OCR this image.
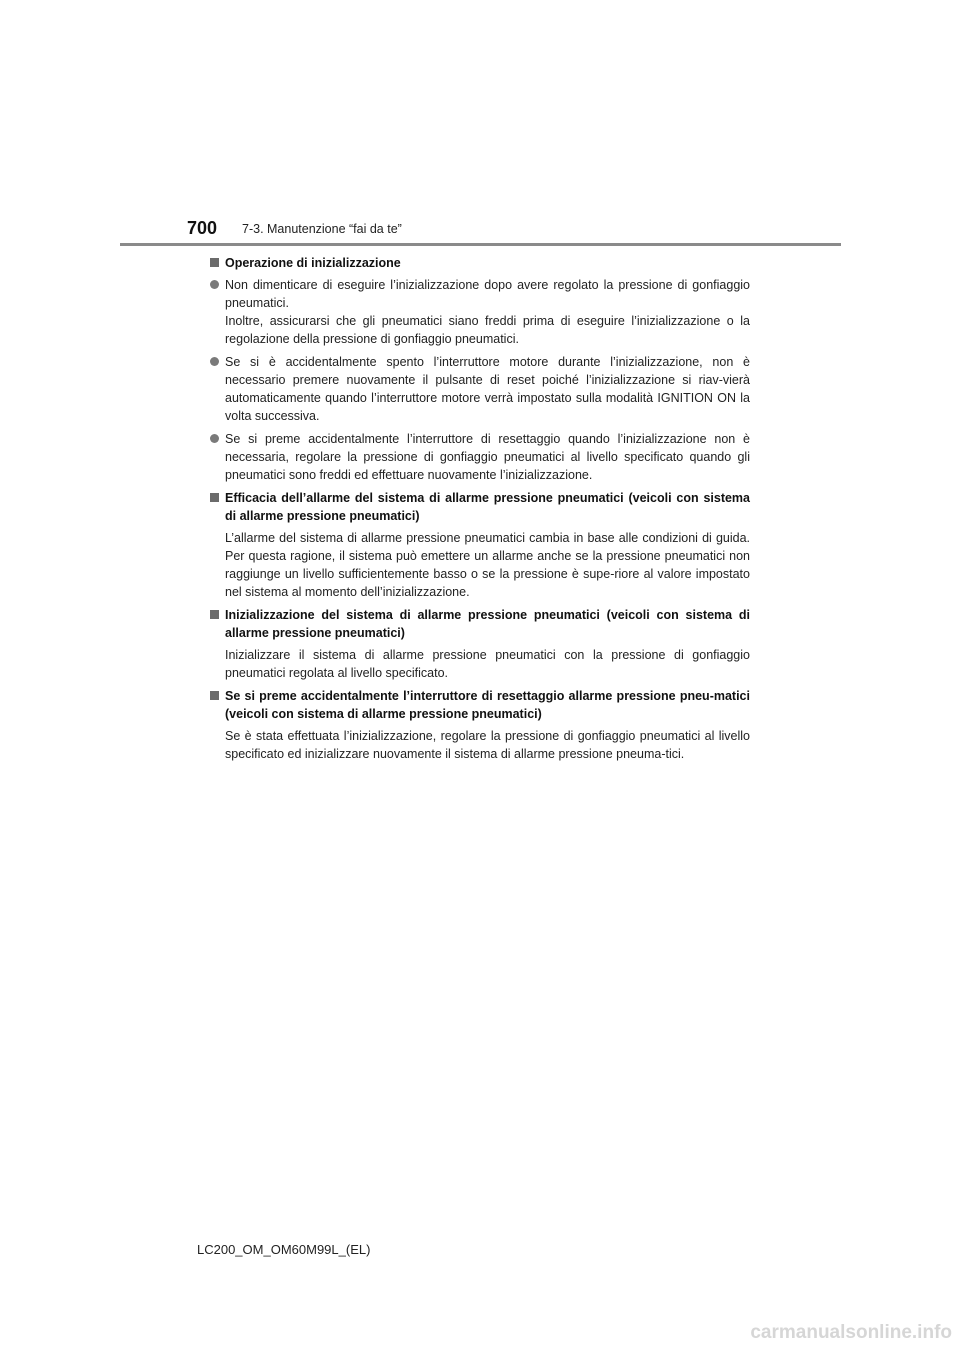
700 7-3. Manutenzione “fai da te”
Operazione di inizializzazione

Non dimenticare di eseguire l’inizializzazione dopo avere regolato la pressione di gonfiaggio pneumatici.

Inoltre, assicurarsi che gli pneumatici siano freddi prima di eseguire l’inizializzazione o la regolazione della pressione di gonfiaggio pneumatici.

Se si è accidentalmente spento l’interruttore motore durante l’inizializzazione, non è necessario premere nuovamente il pulsante di reset poiché l’inizializzazione si riav-vierà automaticamente quando l’interruttore motore verrà impostato sulla modalità IGNITION ON la volta successiva.

Se si preme accidentalmente l’interruttore di resettaggio quando l’inizializzazione non è necessaria, regolare la pressione di gonfiaggio pneumatici al livello specificato quando gli pneumatici sono freddi ed effettuare nuovamente l’inizializzazione.

Efficacia dell’allarme del sistema di allarme pressione pneumatici (veicoli con sistema di allarme pressione pneumatici)

L’allarme del sistema di allarme pressione pneumatici cambia in base alle condizioni di guida. Per questa ragione, il sistema può emettere un allarme anche se la pressione pneumatici non raggiunge un livello sufficientemente basso o se la pressione è supe-riore al valore impostato nel sistema al momento dell’inizializzazione.

Inizializzazione del sistema di allarme pressione pneumatici (veicoli con sistema di allarme pressione pneumatici)

Inizializzare il sistema di allarme pressione pneumatici con la pressione di gonfiaggio pneumatici regolata al livello specificato.

Se si preme accidentalmente l’interruttore di resettaggio allarme pressione pneu-matici (veicoli con sistema di allarme pressione pneumatici)

Se è stata effettuata l’inizializzazione, regolare la pressione di gonfiaggio pneumatici al livello specificato ed inizializzare nuovamente il sistema di allarme pressione pneuma-tici.

LC200_OM_OM60M99L_(EL)
carmanualsonline.info
